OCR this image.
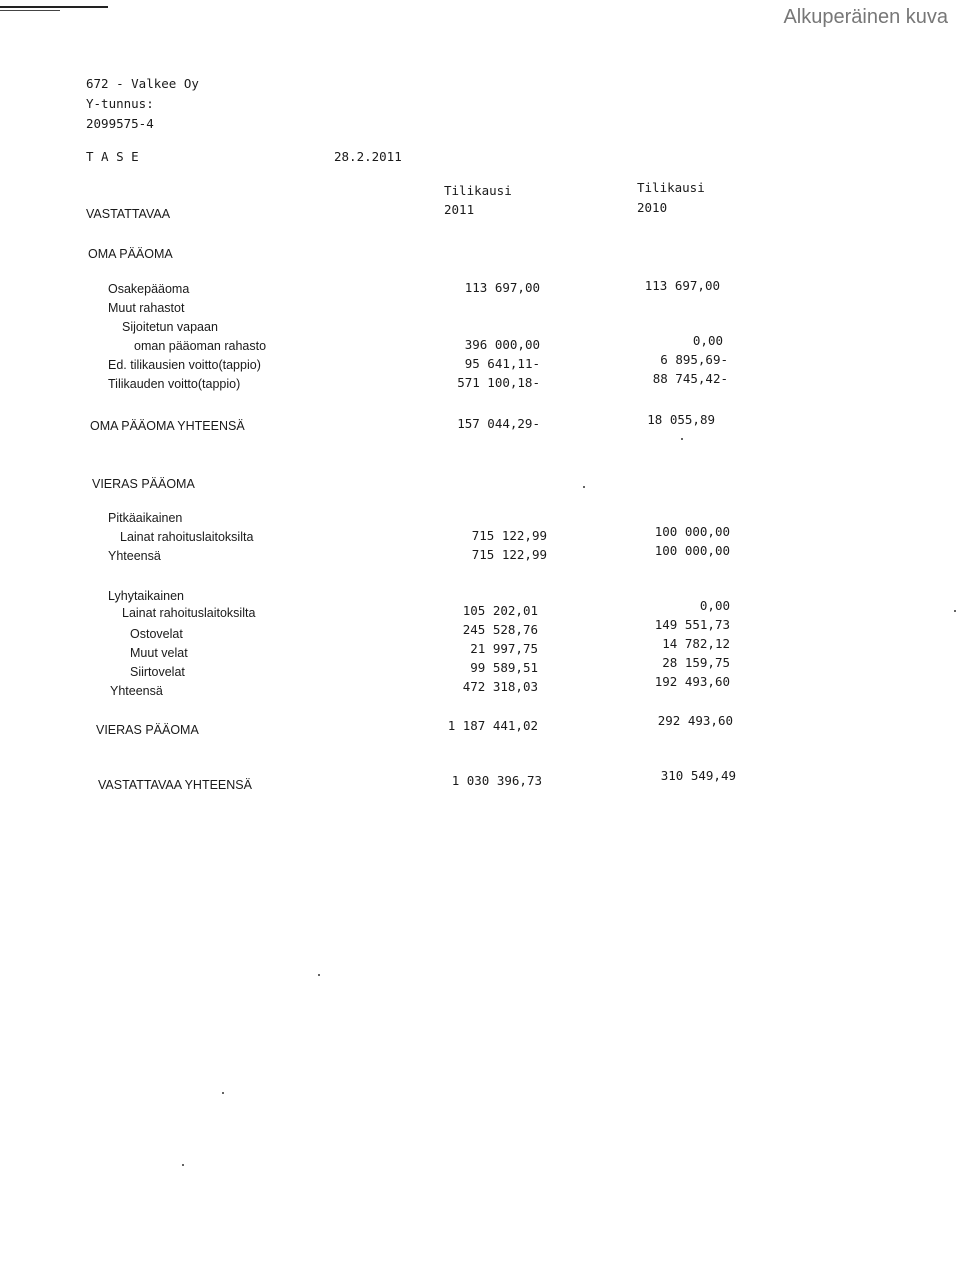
Alkuperäinen kuva
672 - Valkee Oy
Y-tunnus:
2099575-4
T A S E	28.2.2011
Tilikausi
2011
Tilikausi
2010
VASTATTAVAA
OMA PÄÄOMA
Osakepääoma	113 697,00	113 697,00
Muut rahastot
Sijoitetun vapaan
oman pääoman rahasto	396 000,00	0,00
Ed. tilikausien voitto(tappio)	95 641,11-	6 895,69-
Tilikauden voitto(tappio)	571 100,18-	88 745,42-
OMA PÄÄOMA YHTEENSÄ	157 044,29-	18 055,89
VIERAS PÄÄOMA
Pitkäaikainen
Lainat rahoituslaitoksilta	715 122,99	100 000,00
Yhteensä	715 122,99	100 000,00
Lyhytaikainen
Lainat rahoituslaitoksilta	105 202,01	0,00
Ostovelat	245 528,76	149 551,73
Muut velat	21 997,75	14 782,12
Siirtovelat	99 589,51	28 159,75
Yhteensä	472 318,03	192 493,60
VIERAS PÄÄOMA	1 187 441,02	292 493,60
VASTATTAVAA YHTEENSÄ	1 030 396,73	310 549,49
